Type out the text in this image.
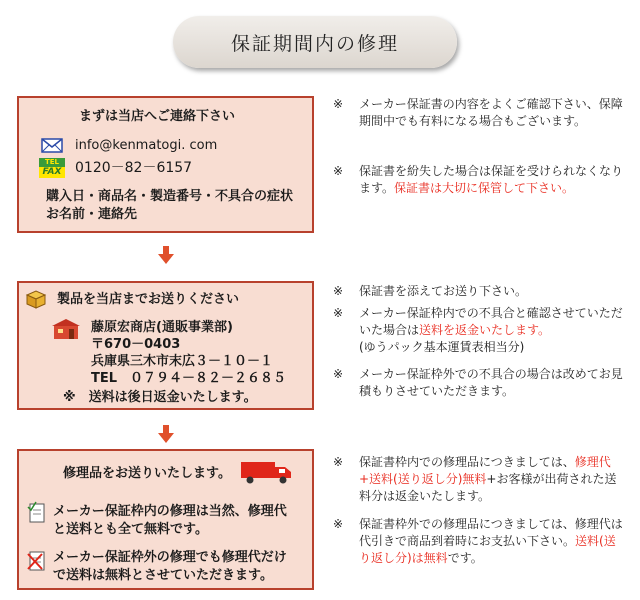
保証期間内の修理
まずは当店へご連絡下さい
info@kenmatogi. com
TEL
FAX 0120－82－6157
購入日・商品名・製造番号・不具合の症状
お名前・連絡先
製品を当店までお送りください
藤原宏商店(通販事業部)
〒670－0403
兵庫県三木市末広３－１０－１
TEL　０７９４－８２－２６８５
※　送料は後日返金いたします。
修理品をお送りいたします。
メーカー保証枠内の修理は当然、修理代
と送料とも全て無料です。
メーカー保証枠外の修理でも修理代だけ
で送料は無料とさせていただきます。
※	メーカー保証書の内容をよくご確認下さい、保障期間中でも有料になる場合もございます。
※	保証書を紛失した場合は保証を受けられなくなります。保証書は大切に保管して下さい。
※	保証書を添えてお送り下さい。
※	メーカー保証枠内での不具合と確認させていただいた場合は送料を返金いたします。
(ゆうパック基本運賃表相当分)
※	メーカー保証枠外での不具合の場合は改めてお見積もりさせていただきます。
※	保証書枠内での修理品につきましては、修理代+送料(送り返し分)無料+お客様が出荷された送料分は返金いたします。
※	保証書枠外での修理品につきましては、修理代は代引きで商品到着時にお支払い下さい。送料(送り返し分)は無料です。
